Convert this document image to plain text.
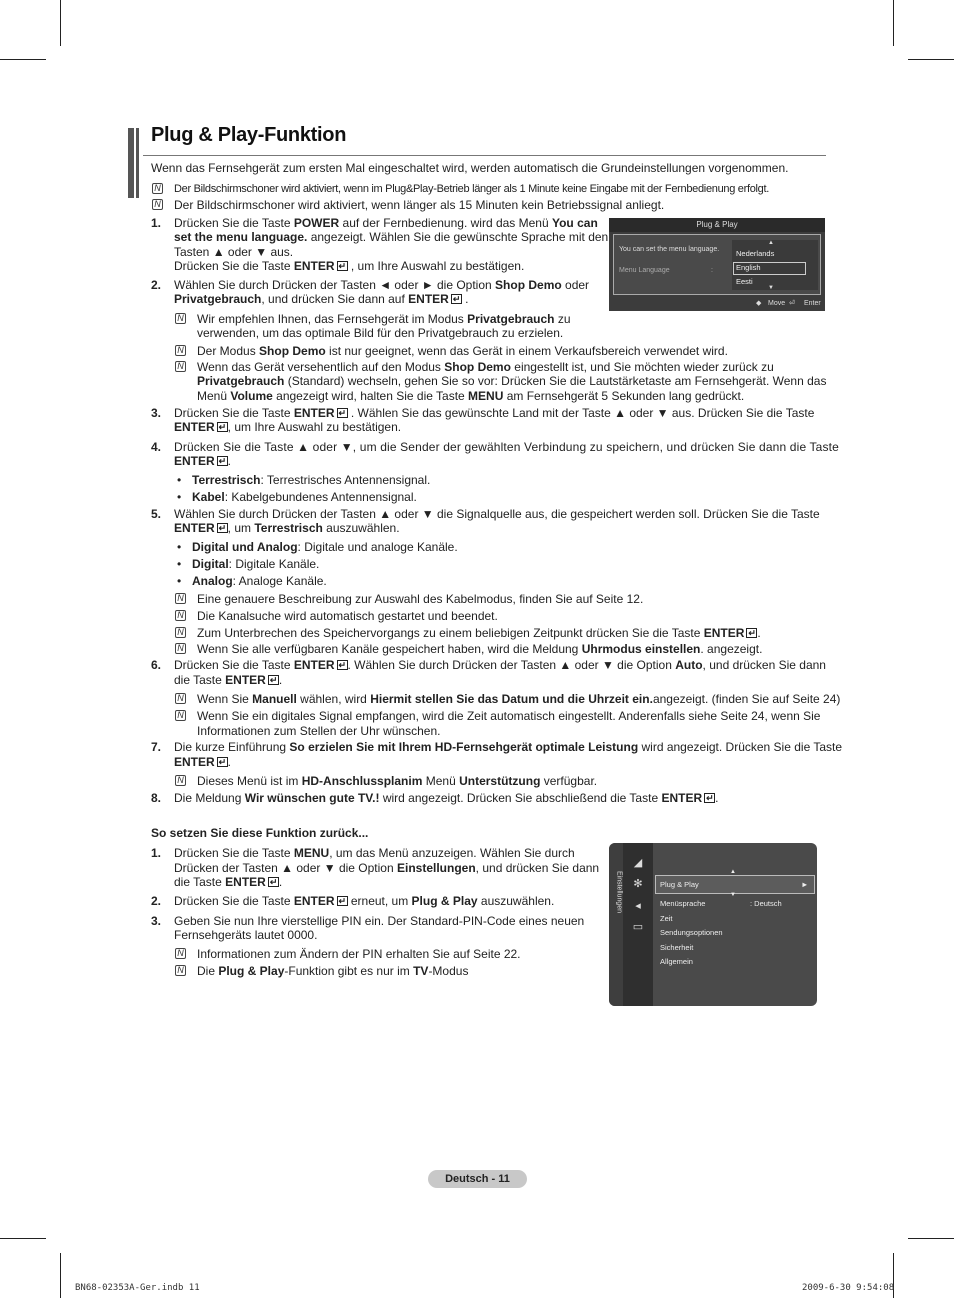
Plug & Play-Funktion
Wenn das Fernsehgerät zum ersten Mal eingeschaltet wird, werden automatisch die Grundeinstellungen vorgenommen.
N Der Bildschirmschoner wird aktiviert, wenn im Plug&Play-Betrieb länger als 1 Minute keine Eingabe mit der Fernbedienung erfolgt.
N Der Bildschirmschoner wird aktiviert, wenn länger als 15 Minuten kein Betriebssignal anliegt.
1. Drücken Sie die Taste POWER auf der Fernbedienung. wird das Menü You can
set the menu language. angezeigt. Wählen Sie die gewünschte Sprache mit den
Tasten ▲ oder ▼ aus.
Drücken Sie die Taste ENTER↵ , um Ihre Auswahl zu bestätigen.
Plug & Play
You can set the menu language.
Menu Language	:
▲
Nederlands
English
Eesti
▼
◆ Move ⏎ Enter
2. Wählen Sie durch Drücken der Tasten ◄ oder ► die Option Shop Demo oder
Privatgebrauch, und drücken Sie dann auf ENTER↵ .
N Wir empfehlen Ihnen, das Fernsehgerät im Modus Privatgebrauch zu
verwenden, um das optimale Bild für den Privatgebrauch zu erzielen.
N Der Modus Shop Demo ist nur geeignet, wenn das Gerät in einem Verkaufsbereich verwendet wird.
N Wenn das Gerät versehentlich auf den Modus Shop Demo eingestellt ist, und Sie möchten wieder zurück zu
Privatgebrauch (Standard) wechseln, gehen Sie so vor: Drücken Sie die Lautstärketaste am Fernsehgerät. Wenn das
Menü Volume angezeigt wird, halten Sie die Taste MENU am Fernsehgerät 5 Sekunden lang gedrückt.
3. Drücken Sie die Taste ENTER↵ . Wählen Sie das gewünschte Land mit der Taste ▲ oder ▼ aus. Drücken Sie die Taste
ENTER ↵ , um Ihre Auswahl zu bestätigen.
4. Drücken Sie die Taste ▲ oder ▼, um die Sender der gewählten Verbindung zu speichern, und drücken Sie dann die Taste
ENTER ↵ .
• Terrestrisch: Terrestrisches Antennensignal.
• Kabel: Kabelgebundenes Antennensignal.
5. Wählen Sie durch Drücken der Tasten ▲ oder ▼ die Signalquelle aus, die gespeichert werden soll. Drücken Sie die Taste
ENTER ↵ , um Terrestrisch auszuwählen.
• Digital und Analog: Digitale und analoge Kanäle.
• Digital: Digitale Kanäle.
• Analog: Analoge Kanäle.
N Eine genauere Beschreibung zur Auswahl des Kabelmodus, finden Sie auf Seite 12.
N Die Kanalsuche wird automatisch gestartet und beendet.
N Zum Unterbrechen des Speichervorgangs zu einem beliebigen Zeitpunkt drücken Sie die Taste ENTER ↵ .
N Wenn Sie alle verfügbaren Kanäle gespeichert haben, wird die Meldung Uhrmodus einstellen. angezeigt.
6. Drücken Sie die Taste ENTER ↵ . Wählen Sie durch Drücken der Tasten ▲ oder ▼ die Option Auto, und drücken Sie dann
die Taste ENTER ↵ .
N Wenn Sie Manuell wählen, wird Hiermit stellen Sie das Datum und die Uhrzeit ein.angezeigt. (finden Sie auf Seite 24)
N Wenn Sie ein digitales Signal empfangen, wird die Zeit automatisch eingestellt. Anderenfalls siehe Seite 24, wenn Sie
Informationen zum Stellen der Uhr wünschen.
7. Die kurze Einführung So erzielen Sie mit Ihrem HD-Fernsehgerät optimale Leistung wird angezeigt. Drücken Sie die Taste
ENTER ↵ .
N Dieses Menü ist im HD-Anschlussplanim Menü Unterstützung verfügbar.
8. Die Meldung Wir wünschen gute TV.! wird angezeigt. Drücken Sie abschließend die Taste ENTER ↵ .
So setzen Sie diese Funktion zurück...
1. Drücken Sie die Taste MENU, um das Menü anzuzeigen. Wählen Sie durch
Drücken der Tasten ▲ oder ▼ die Option Einstellungen, und drücken Sie dann
die Taste ENTER ↵ .
2. Drücken Sie die Taste ENTER↵ erneut, um Plug & Play auszuwählen.
3. Geben Sie nun Ihre vierstellige PIN ein. Der Standard-PIN-Code eines neuen
Fernsehgeräts lautet 0000.
N Informationen zum Ändern der PIN erhalten Sie auf Seite 22.
N Die Plug & Play-Funktion gibt es nur im TV-Modus
Einstellungen
◢
✻
◂
▭
▲
Plug & Play	►
▼
Menüsprache	: Deutsch
Zeit
Sendungsoptionen
Sicherheit
Allgemein
Deutsch - 11
BN68-02353A-Ger.indb 11	2009-6-30 9:54:08
